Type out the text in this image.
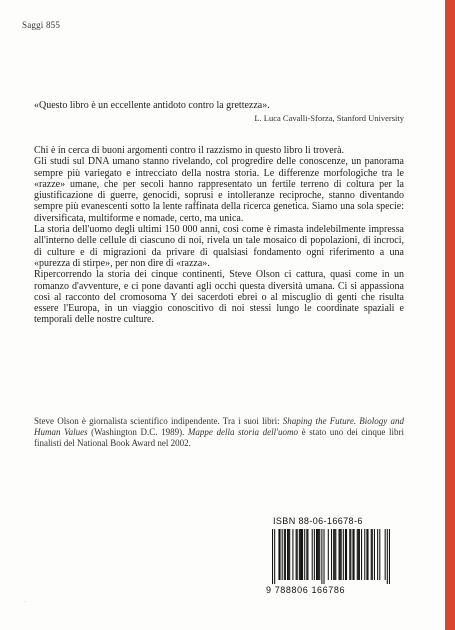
Saggi 855
«Questo libro è un eccellente antidoto contro la grettezza».
L. Luca Cavalli-Sforza, Stanford University

Chi è in cerca di buoni argomenti contro il razzismo in questo libro li troverà.

Gli studi sul DNA umano stanno rivelando, col progredire delle conoscenze, un panorama sempre più variegato e intrecciato della nostra storia. Le differenze morfologiche tra le «razze» umane, che per secoli hanno rappresentato un fertile terreno di coltura per la giustificazione di guerre, genocidi, soprusi e intolleranze reciproche, stanno diventando sempre più evanescenti sotto la lente raffinata della ricerca genetica. Siamo una sola specie: diversificata, multiforme e nomade, certo, ma unica.

La storia dell'uomo degli ultimi 150 000 anni, così come è rimasta indelebilmente impressa all'interno delle cellule di ciascuno di noi, rivela un tale mosaico di popolazioni, di incroci, di culture e di migrazioni da privare di qualsiasi fondamento ogni riferimento a una «purezza di stirpe», per non dire di «razza».

Ripercorrendo la storia dei cinque continenti, Steve Olson ci cattura, quasi come in un romanzo d'avventure, e ci pone davanti agli occhi questa diversità umana. Ci si appassiona così al racconto del cromosoma Y dei sacerdoti ebrei o al miscuglio di genti che risulta essere l'Europa, in un viaggio conoscitivo di noi stessi lungo le coordinate spaziali e temporali delle nostre culture.

Steve Olson è giornalista scientifico indipendente. Tra i suoi libri: Shaping the Future. Biology and Human Values (Washington D.C. 1989). Mappe della storia dell'uomo è stato uno dei cinque libri finalisti del National Book Award nel 2002.
ISBN 88-06-16678-6
9 788806 166786
·
